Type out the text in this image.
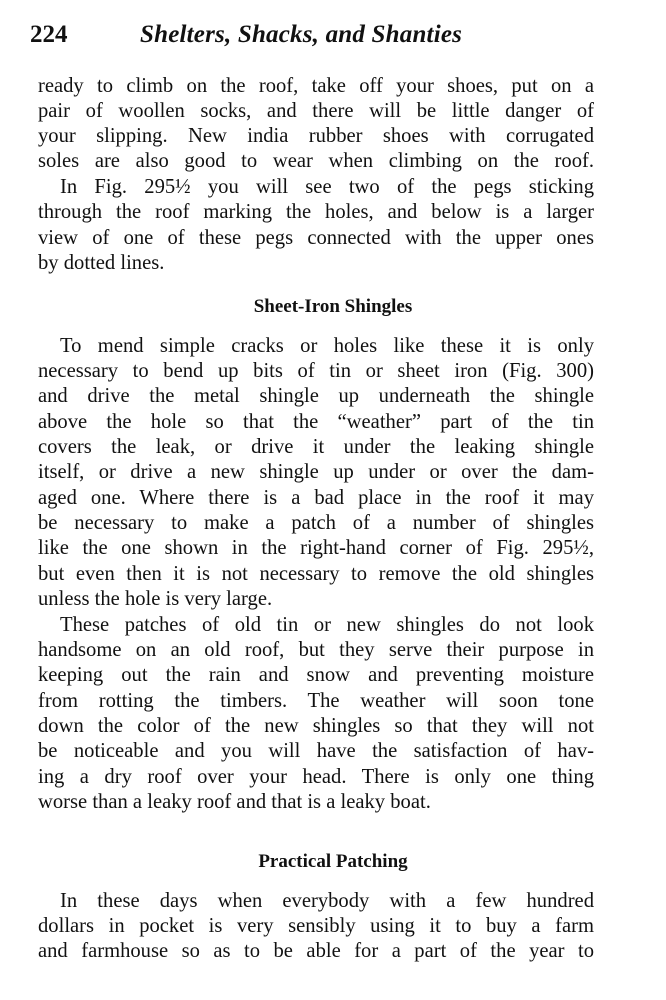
224	Shelters, Shacks, and Shanties
ready to climb on the roof, take off your shoes, put on a
pair of woollen socks, and there will be little danger of
your slipping. New india rubber shoes with corrugated
soles are also good to wear when climbing on the roof.
In Fig. 295½ you will see two of the pegs sticking
through the roof marking the holes, and below is a larger
view of one of these pegs connected with the upper ones
by dotted lines.
Sheet-Iron Shingles
To mend simple cracks or holes like these it is only
necessary to bend up bits of tin or sheet iron (Fig. 300)
and drive the metal shingle up underneath the shingle
above the hole so that the “weather” part of the tin
covers the leak, or drive it under the leaking shingle
itself, or drive a new shingle up under or over the dam-
aged one. Where there is a bad place in the roof it may
be necessary to make a patch of a number of shingles
like the one shown in the right-hand corner of Fig. 295½,
but even then it is not necessary to remove the old shingles
unless the hole is very large.
These patches of old tin or new shingles do not look
handsome on an old roof, but they serve their purpose in
keeping out the rain and snow and preventing moisture
from rotting the timbers. The weather will soon tone
down the color of the new shingles so that they will not
be noticeable and you will have the satisfaction of hav-
ing a dry roof over your head. There is only one thing
worse than a leaky roof and that is a leaky boat.
Practical Patching
In these days when everybody with a few hundred
dollars in pocket is very sensibly using it to buy a farm
and farmhouse so as to be able for a part of the year to
